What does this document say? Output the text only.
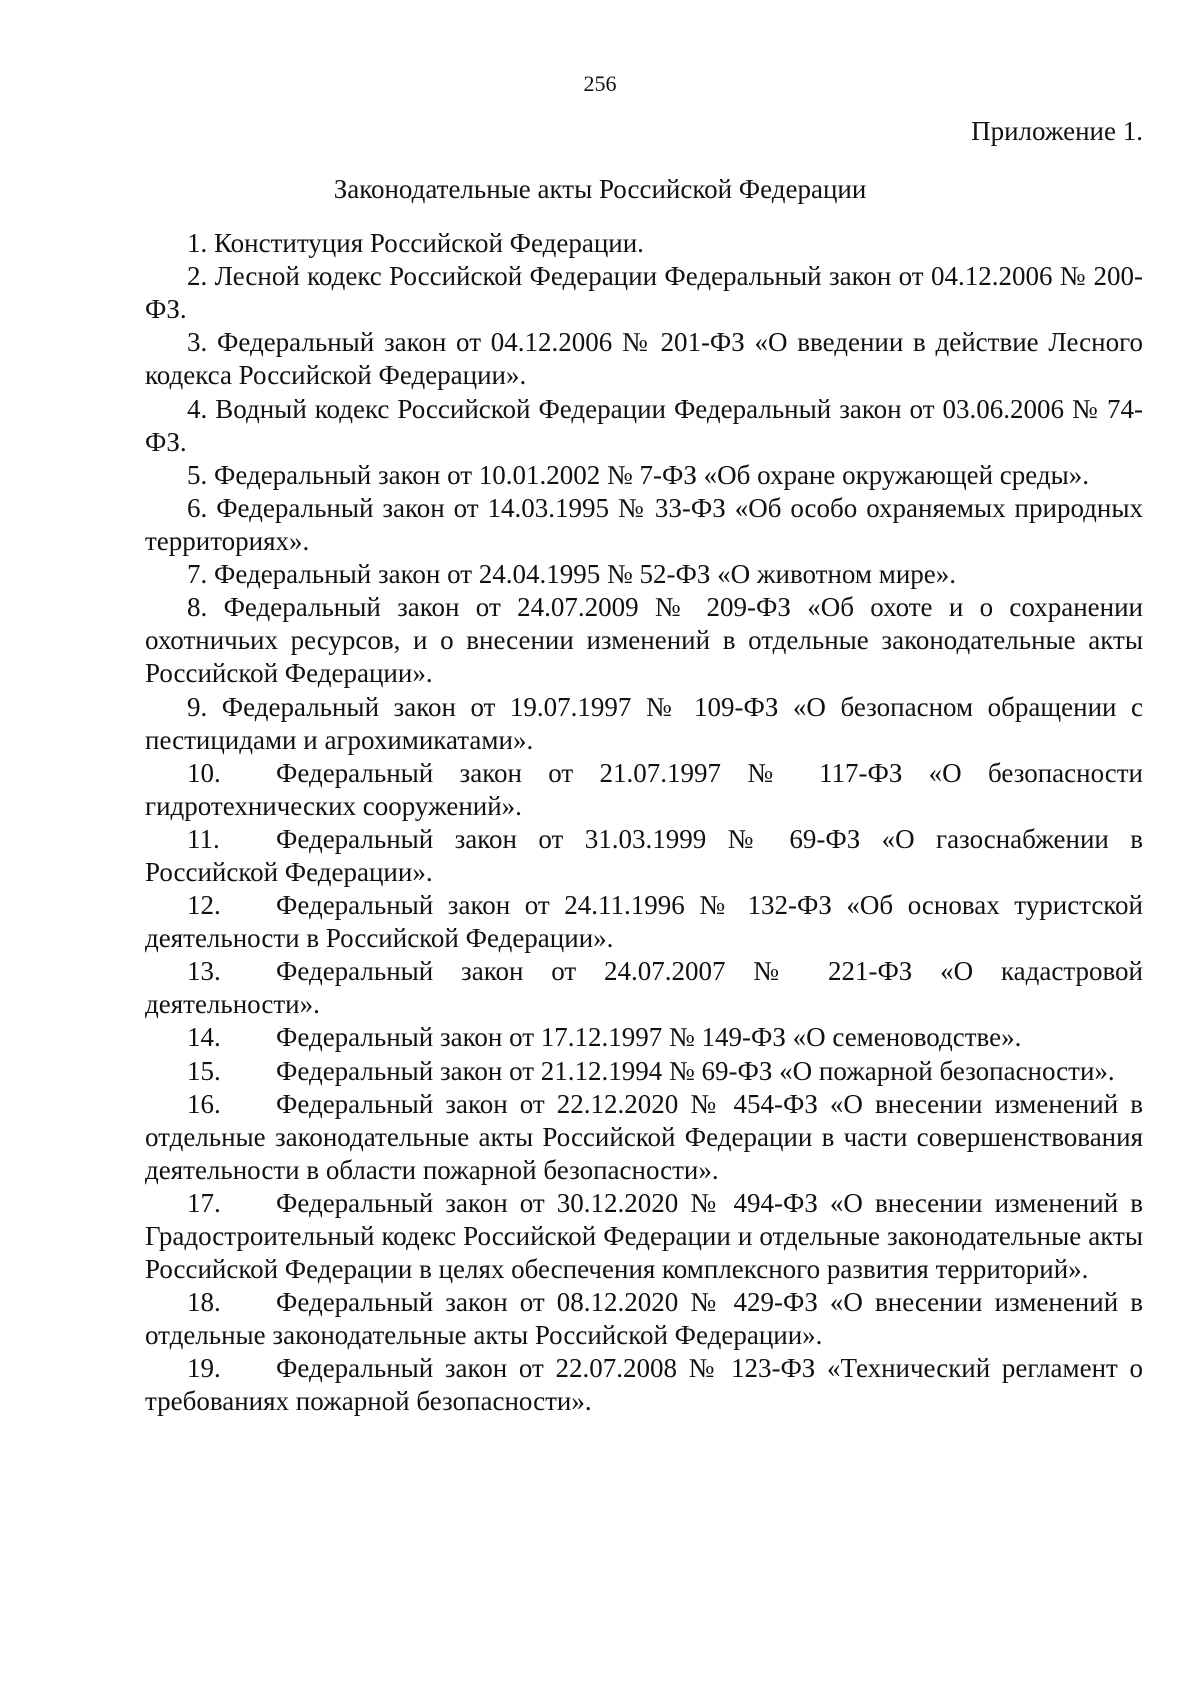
256
Приложение 1.
Законодательные акты Российской Федерации

1. Конституция Российской Федерации.

2. Лесной кодекс Российской Федерации Федеральный закон от 04.12.2006 № 200-ФЗ.

3. Федеральный закон от 04.12.2006 № 201-ФЗ «О введении в действие Лесного кодекса Российской Федерации».

4. Водный кодекс Российской Федерации Федеральный закон от 03.06.2006 № 74-ФЗ.

5. Федеральный закон от 10.01.2002 № 7-ФЗ «Об охране окружающей среды».

6. Федеральный закон от 14.03.1995 № 33-ФЗ «Об особо охраняемых природных территориях».

7. Федеральный закон от 24.04.1995 № 52-ФЗ «О животном мире».

8. Федеральный закон от 24.07.2009 № 209-ФЗ «Об охоте и о сохранении охотничьих ресурсов, и о внесении изменений в отдельные законодательные акты Российской Федерации».

9. Федеральный закон от 19.07.1997 № 109-ФЗ «О безопасном обращении с пестицидами и агрохимикатами».

10. Федеральный закон от 21.07.1997 № 117-ФЗ «О безопасности гидротехнических сооружений».

11. Федеральный закон от 31.03.1999 № 69-ФЗ «О газоснабжении в Российской Федерации».

12. Федеральный закон от 24.11.1996 № 132-ФЗ «Об основах туристской деятельности в Российской Федерации».

13. Федеральный закон от 24.07.2007 № 221-ФЗ «О кадастровой деятельности».

14. Федеральный закон от 17.12.1997 № 149-ФЗ «О семеноводстве».

15. Федеральный закон от 21.12.1994 № 69-ФЗ «О пожарной безопасности».

16. Федеральный закон от 22.12.2020 № 454-ФЗ «О внесении изменений в отдельные законодательные акты Российской Федерации в части совершенствования деятельности в области пожарной безопасности».

17. Федеральный закон от 30.12.2020 № 494-ФЗ «О внесении изменений в Градостроительный кодекс Российской Федерации и отдельные законодательные акты Российской Федерации в целях обеспечения комплексного развития территорий».

18. Федеральный закон от 08.12.2020 № 429-ФЗ «О внесении изменений в отдельные законодательные акты Российской Федерации».

19. Федеральный закон от 22.07.2008 № 123-ФЗ «Технический регламент о требованиях пожарной безопасности».
